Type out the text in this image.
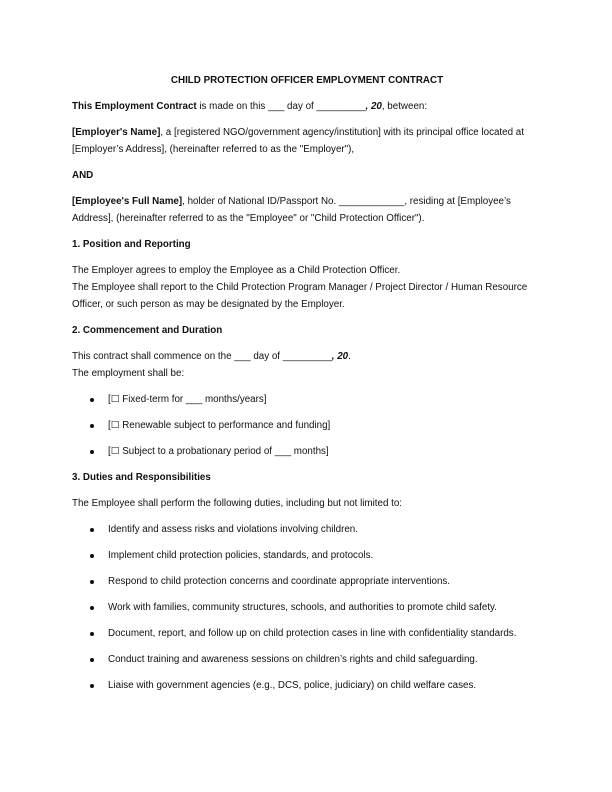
CHILD PROTECTION OFFICER EMPLOYMENT CONTRACT

This Employment Contract is made on this ___ day of _________, 20, between:

[Employer's Name], a [registered NGO/government agency/institution] with its principal office located at [Employer’s Address], (hereinafter referred to as the "Employer"),

AND

[Employee's Full Name], holder of National ID/Passport No. ____________, residing at [Employee’s Address], (hereinafter referred to as the "Employee" or "Child Protection Officer").

1. Position and Reporting

The Employer agrees to employ the Employee as a Child Protection Officer.
The Employee shall report to the Child Protection Program Manager / Project Director / Human Resource Officer, or such person as may be designated by the Employer.

2. Commencement and Duration

This contract shall commence on the ___ day of _________, 20.
The employment shall be:

[☐ Fixed-term for ___ months/years]
[☐ Renewable subject to performance and funding]
[☐ Subject to a probationary period of ___ months]
3. Duties and Responsibilities

The Employee shall perform the following duties, including but not limited to:

Identify and assess risks and violations involving children.
Implement child protection policies, standards, and protocols.
Respond to child protection concerns and coordinate appropriate interventions.
Work with families, community structures, schools, and authorities to promote child safety.
Document, report, and follow up on child protection cases in line with confidentiality standards.
Conduct training and awareness sessions on children’s rights and child safeguarding.
Liaise with government agencies (e.g., DCS, police, judiciary) on child welfare cases.
